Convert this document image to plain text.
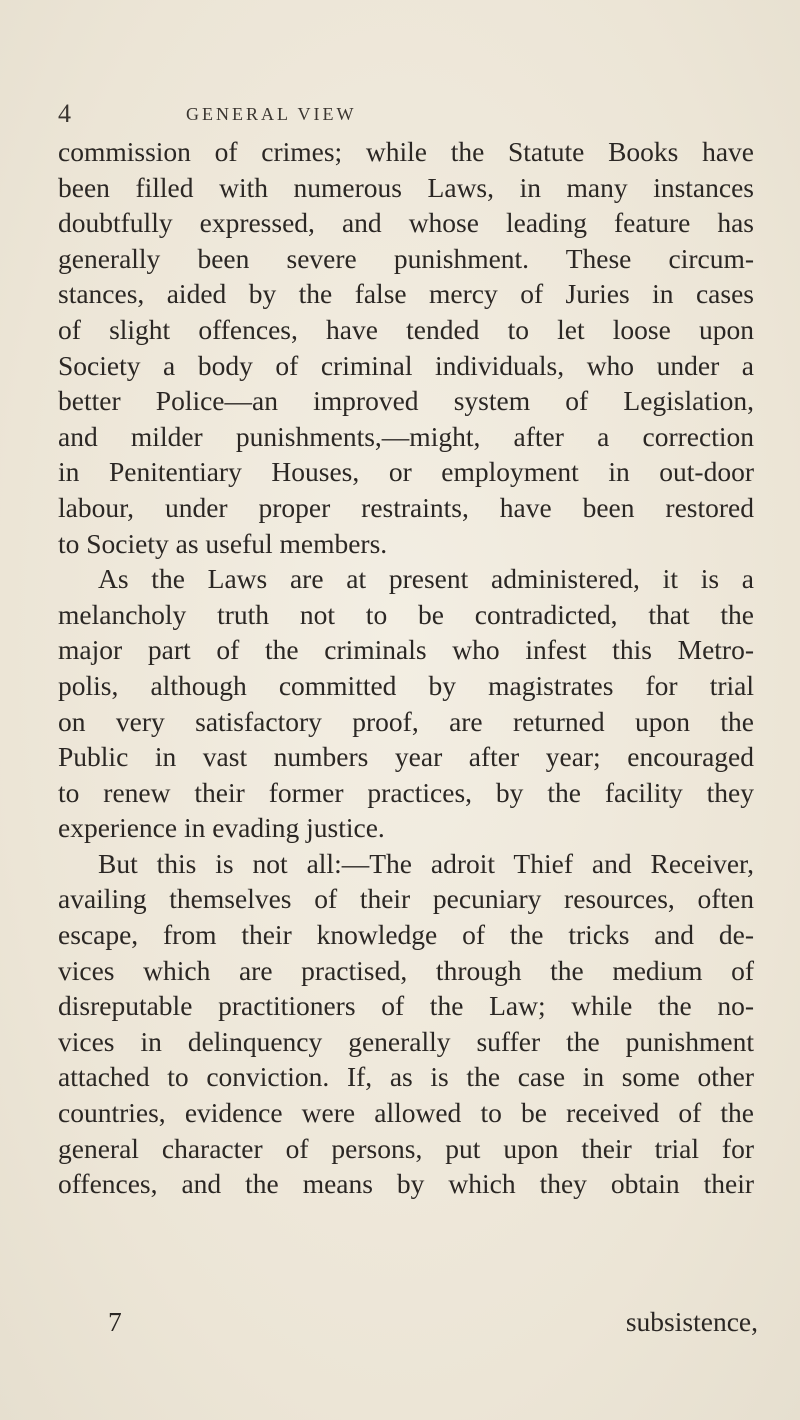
4	GENERAL VIEW
commission of crimes; while the Statute Books have
been filled with numerous Laws, in many instances
doubtfully expressed, and whose leading feature has
generally been severe punishment. These circum-
stances, aided by the false mercy of Juries in cases
of slight offences, have tended to let loose upon
Society a body of criminal individuals, who under a
better Police—an improved system of Legislation,
and milder punishments,—might, after a correction
in Penitentiary Houses, or employment in out-door
labour, under proper restraints, have been restored
to Society as useful members.
As the Laws are at present administered, it is a
melancholy truth not to be contradicted, that the
major part of the criminals who infest this Metro-
polis, although committed by magistrates for trial
on very satisfactory proof, are returned upon the
Public in vast numbers year after year; encouraged
to renew their former practices, by the facility they
experience in evading justice.
But this is not all:—The adroit Thief and Receiver,
availing themselves of their pecuniary resources, often
escape, from their knowledge of the tricks and de-
vices which are practised, through the medium of
disreputable practitioners of the Law; while the no-
vices in delinquency generally suffer the punishment
attached to conviction. If, as is the case in some other
countries, evidence were allowed to be received of the
general character of persons, put upon their trial for
offences, and the means by which they obtain their
7	subsistence,
